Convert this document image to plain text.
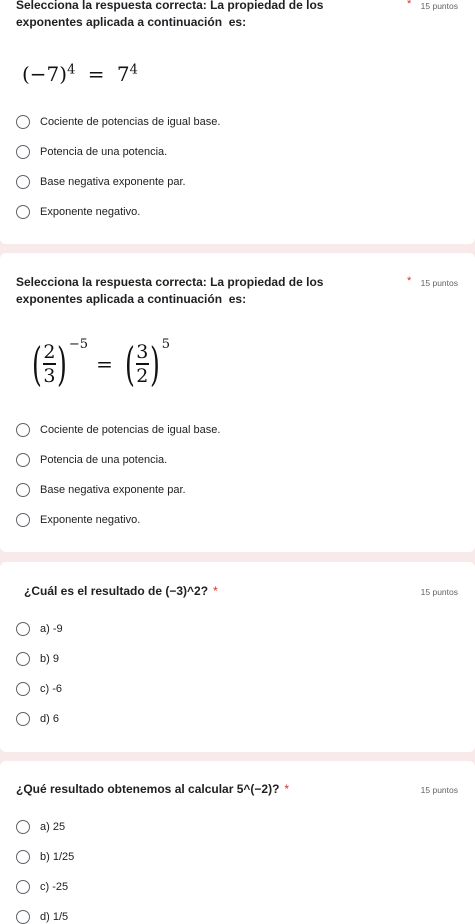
Selecciona la respuesta correcta: La propiedad de los exponentes aplicada a continuación  es:
* 15 puntos
$(-7)^4 = 7^4$
Cociente de potencias de igual base.
Potencia de una potencia.
Base negativa exponente par.
Exponente negativo.
Selecciona la respuesta correcta: La propiedad de los exponentes aplicada a continuación  es:
* 15 puntos
( $\frac{2}{3}$ ) −5
= ( $\frac{3}{2}$ ) 5
Cociente de potencias de igual base.
Potencia de una potencia.
Base negativa exponente par.
Exponente negativo.
¿Cuál es el resultado de (−3)^2? *	15 puntos
a) -9
b) 9
c) -6
d) 6
¿Qué resultado obtenemos al calcular 5^(−2)? *	15 puntos
a) 25
b) 1/25
c) -25
d) 1/5
